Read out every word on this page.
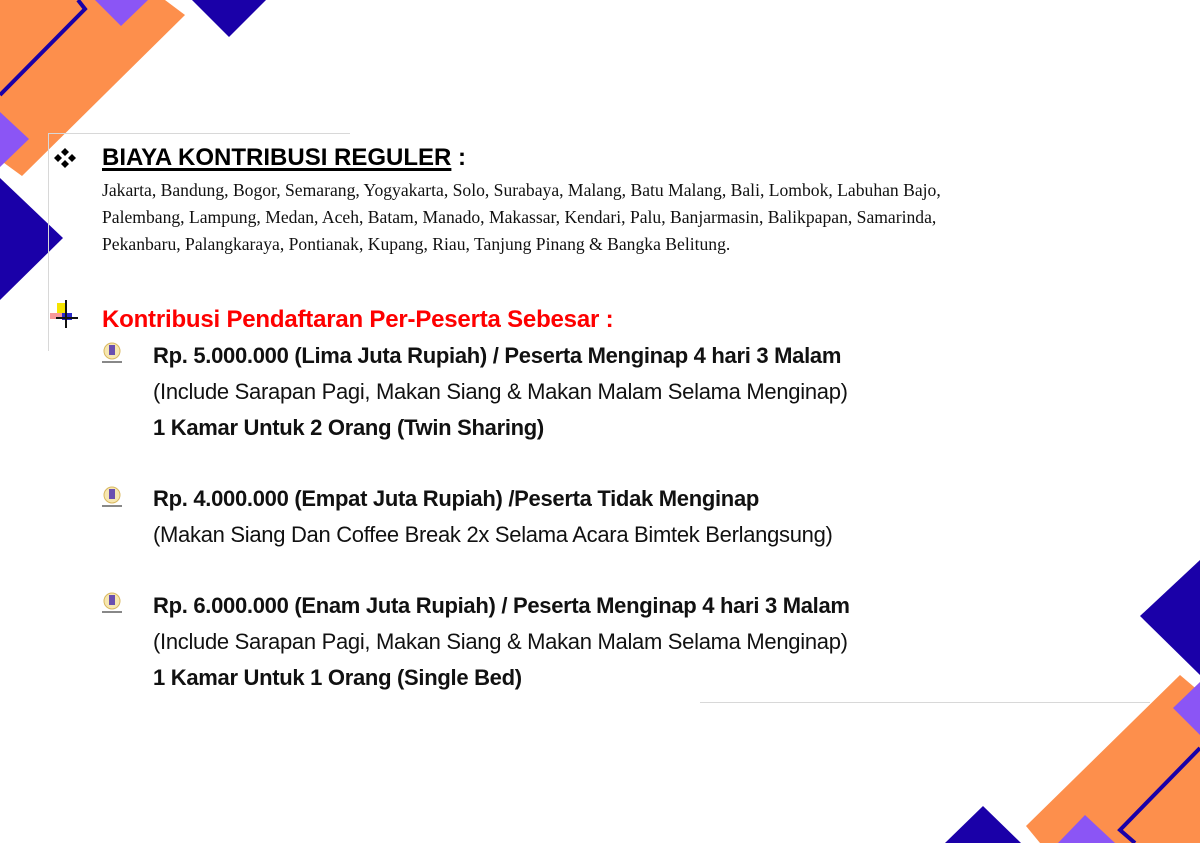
BIAYA KONTRIBUSI REGULER :
Jakarta, Bandung, Bogor, Semarang, Yogyakarta, Solo, Surabaya, Malang, Batu Malang, Bali, Lombok, Labuhan Bajo,
Palembang, Lampung, Medan, Aceh, Batam, Manado, Makassar, Kendari, Palu, Banjarmasin, Balikpapan, Samarinda,
Pekanbaru, Palangkaraya, Pontianak, Kupang, Riau, Tanjung Pinang & Bangka Belitung.
Kontribusi Pendaftaran Per-Peserta Sebesar :
Rp. 5.000.000 (Lima Juta Rupiah) / Peserta Menginap 4 hari 3 Malam
(Include Sarapan Pagi, Makan Siang & Makan Malam Selama Menginap)
1 Kamar Untuk 2 Orang (Twin Sharing)
Rp. 4.000.000 (Empat Juta Rupiah) /Peserta Tidak Menginap
(Makan Siang Dan Coffee Break 2x Selama Acara Bimtek Berlangsung)
Rp. 6.000.000 (Enam Juta Rupiah) / Peserta Menginap 4 hari 3 Malam
(Include Sarapan Pagi, Makan Siang & Makan Malam Selama Menginap)
1 Kamar Untuk 1 Orang (Single Bed)
